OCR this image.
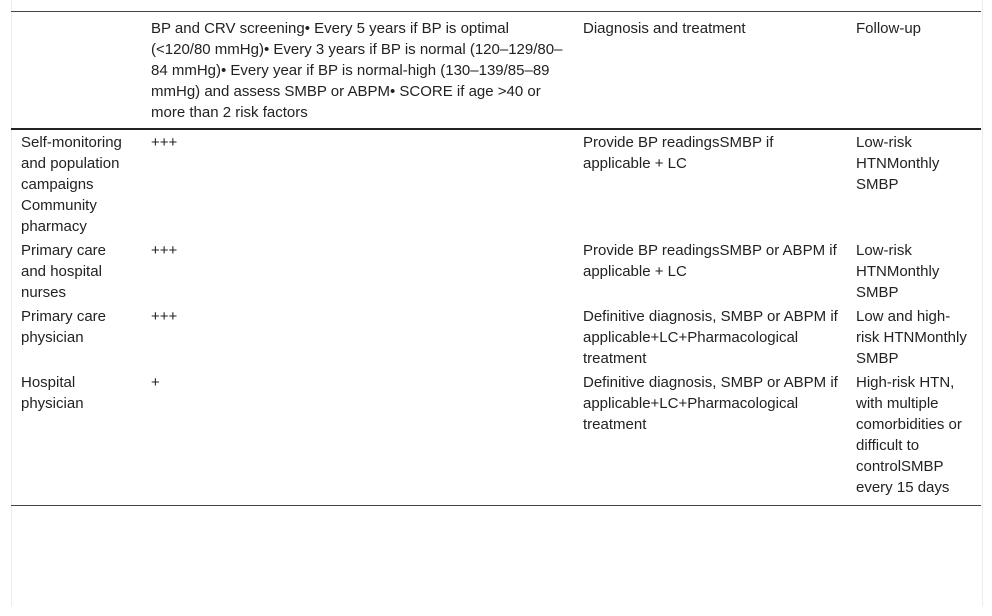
	BP and CRV screening• Every 5 years if BP is optimal (<120/80 mmHg)• Every 3 years if BP is normal (120–129/80–84 mmHg)• Every year if BP is normal-high (130–139/85–89 mmHg) and assess SMBP or ABPM• SCORE if age >40 or more than 2 risk factors	Diagnosis and treatment	Follow-up
Self-monitoring and population campaigns Community pharmacy	+++	Provide BP readingsSMBP if applicable + LC	Low-risk HTNMonthly SMBP
Primary care and hospital nurses	+++	Provide BP readingsSMBP or ABPM if applicable + LC	Low-risk HTNMonthly SMBP
Primary care physician	+++	Definitive diagnosis, SMBP or ABPM if applicable+LC+Pharmacological treatment	Low and high-risk HTNMonthly SMBP
Hospital physician	+	Definitive diagnosis, SMBP or ABPM if applicable+LC+Pharmacological treatment	High-risk HTN, with multiple comorbidities or difficult to controlSMBP every 15 days
